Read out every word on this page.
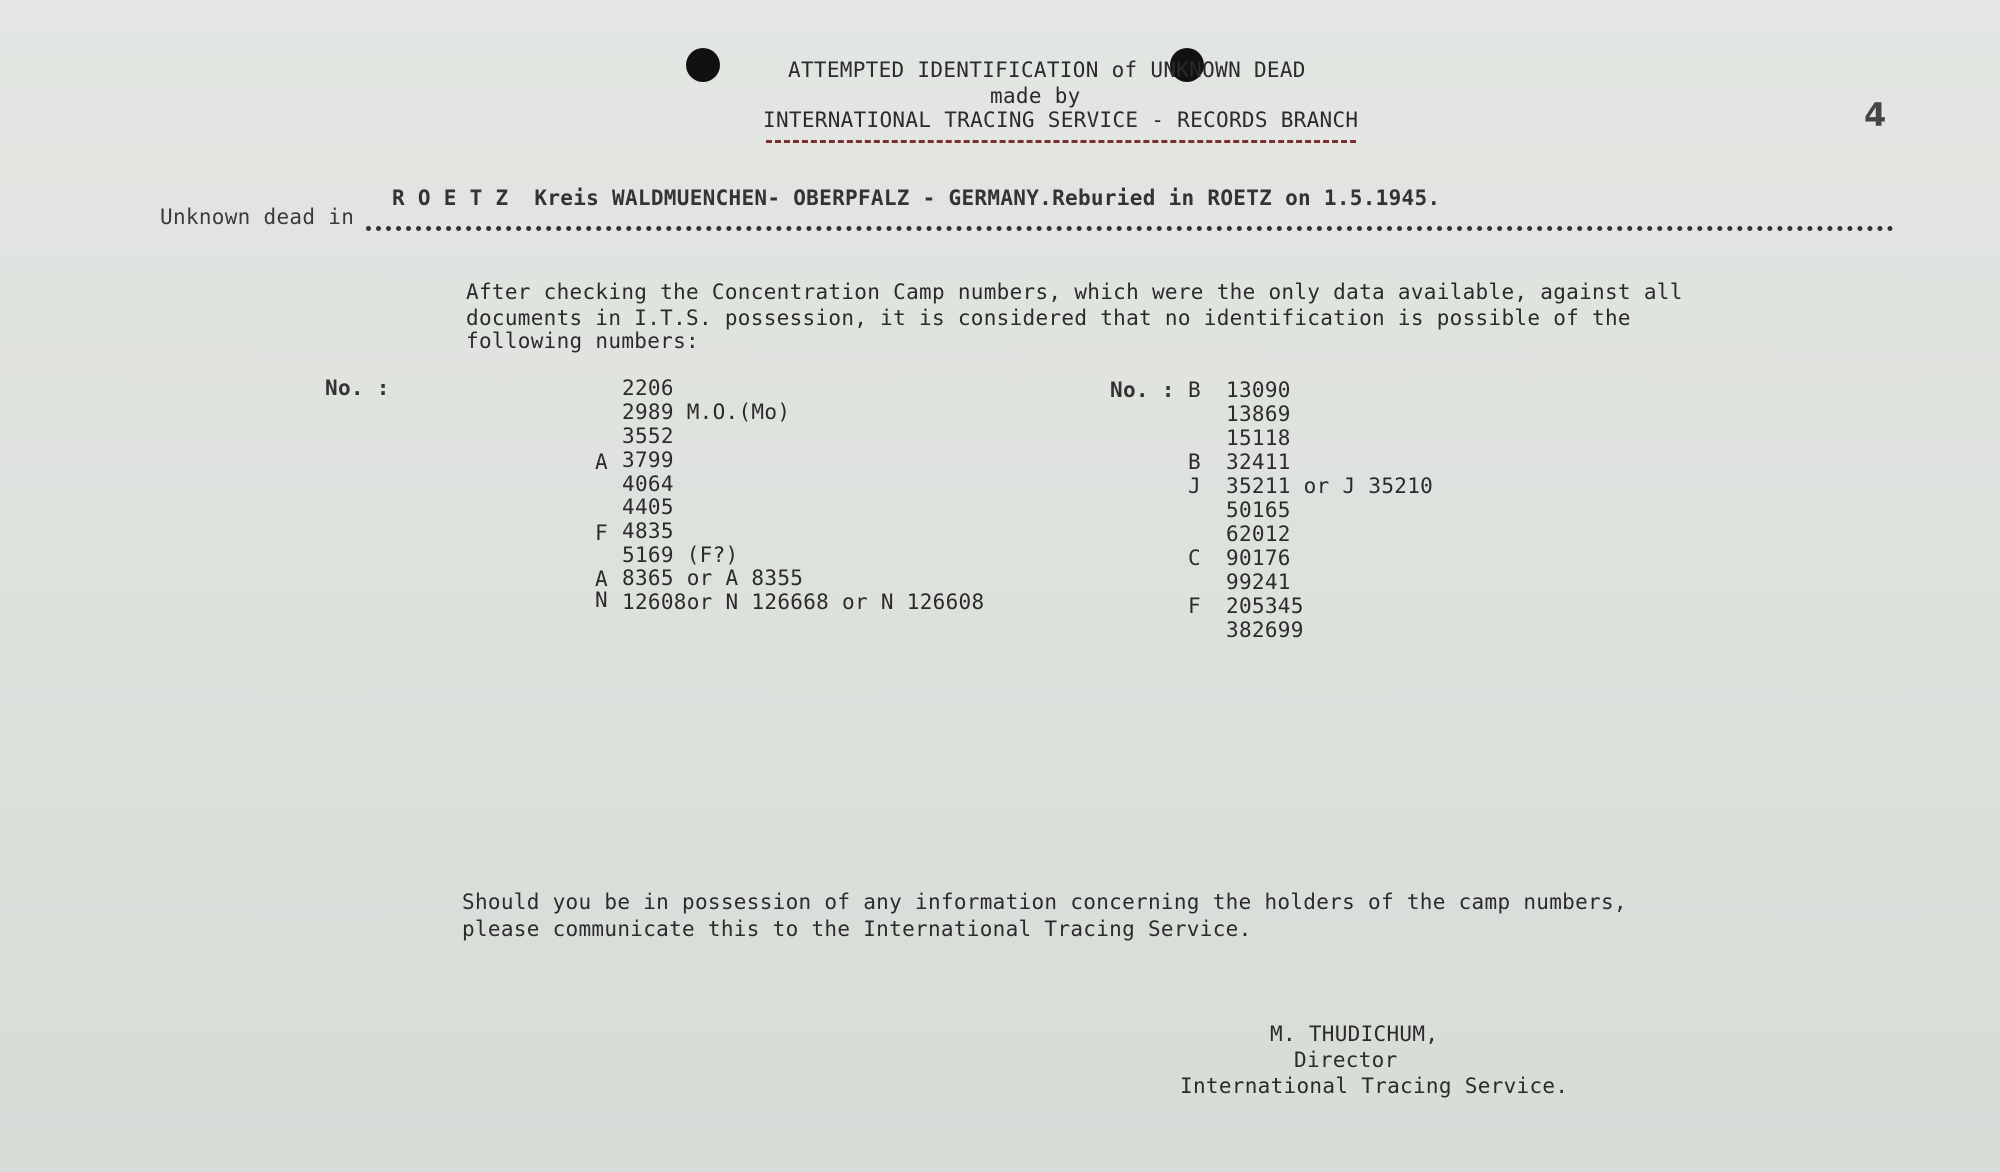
ATTEMPTED IDENTIFICATION of UNKNOWN DEAD
made by
INTERNATIONAL TRACING SERVICE - RECORDS BRANCH	4
Unknown dead in
R O E T Z  Kreis WALDMUENCHEN- OBERPFALZ - GERMANY.Reburied in ROETZ on 1.5.1945.
After checking the Concentration Camp numbers, which were the only data available, against all
documents in I.T.S. possession, it is considered that no identification is possible of the
following numbers:
No. :	No. :
2206
2989 M.O.(Mo)
3552
A 3799
4064
4405
F 4835
5169 (F?)
A 8365 or A 8355
N 12608or N 126668 or N 126608
B 13090
13869
15118
B 32411
J 35211 or J 35210
50165
62012
C 90176
99241
F 205345
382699
Should you be in possession of any information concerning the holders of the camp numbers,
please communicate this to the International Tracing Service.
M. THUDICHUM,
Director
International Tracing Service.
